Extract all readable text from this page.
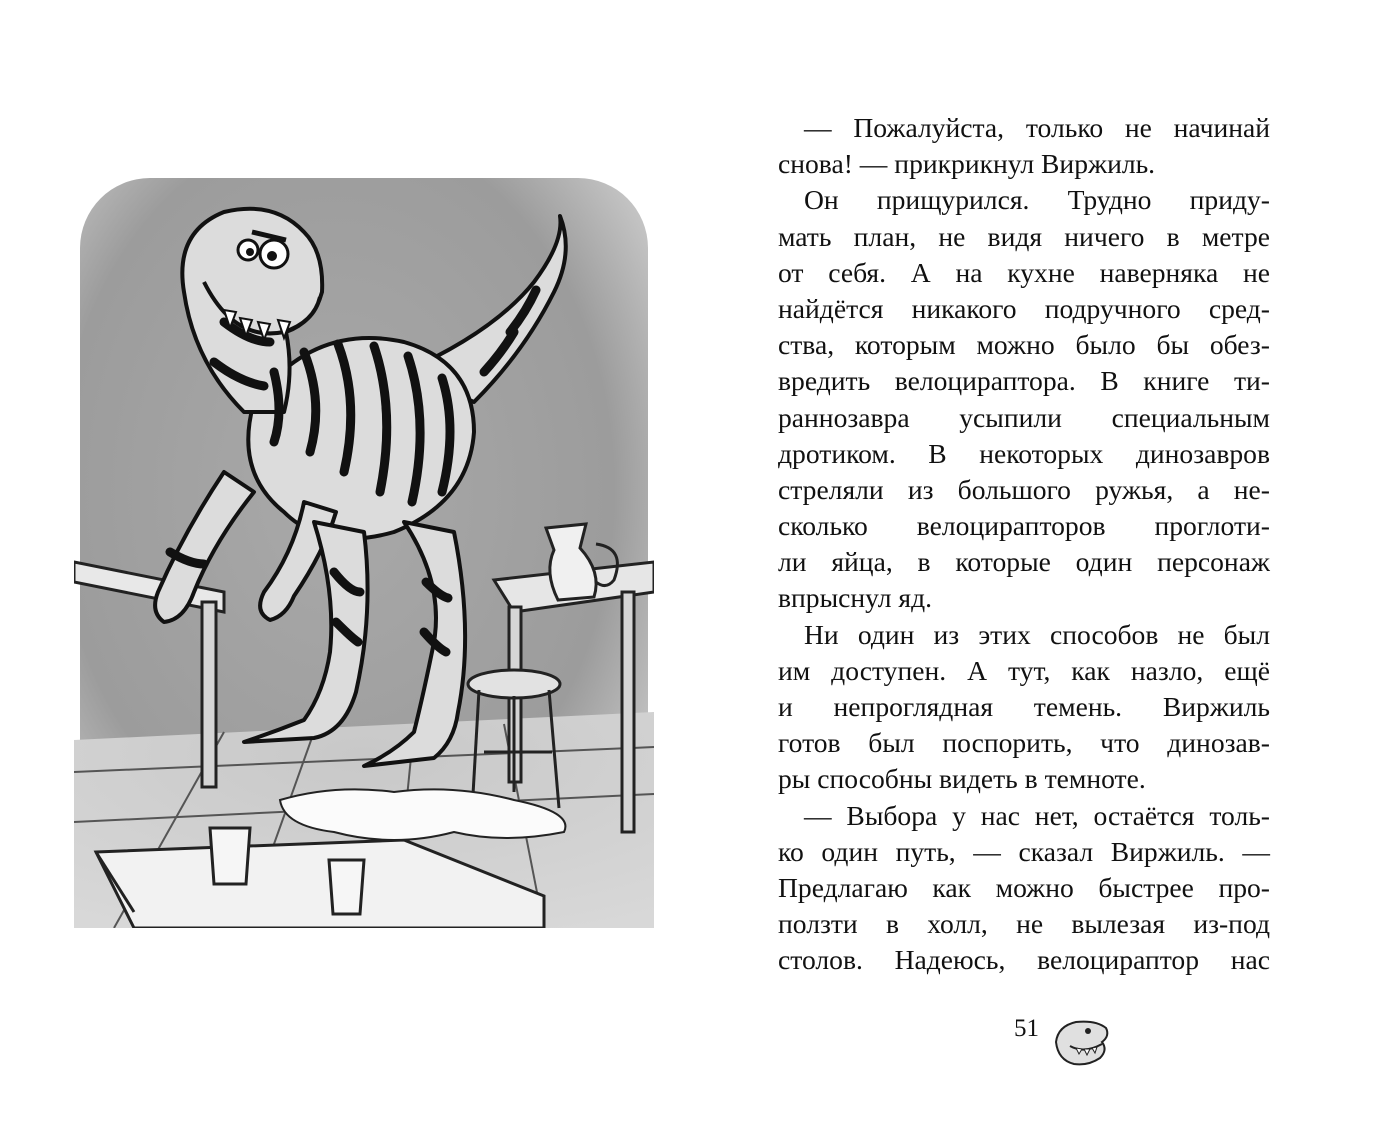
— Пожалуйста, только не начинай
снова! — прикрикнул Виржиль.
Он прищурился. Трудно приду-
мать план, не видя ничего в метре
от себя. А на кухне наверняка не
найдётся никакого подручного сред-
ства, которым можно было бы обез-
вредить велоцираптора. В книге ти-
раннозавра усыпили специальным
дротиком. В некоторых динозавров
стреляли из большого ружья, а не-
сколько велоцирапторов проглоти-
ли яйца, в которые один персонаж
впрыснул яд.
Ни один из этих способов не был
им доступен. А тут, как назло, ещё
и непроглядная темень. Виржиль
готов был поспорить, что динозав-
ры способны видеть в темноте.
— Выбора у нас нет, остаётся толь-
ко один путь, — сказал Виржиль. —
Предлагаю как можно быстрее про-
ползти в холл, не вылезая из-под
столов. Надеюсь, велоцираптор нас
51
